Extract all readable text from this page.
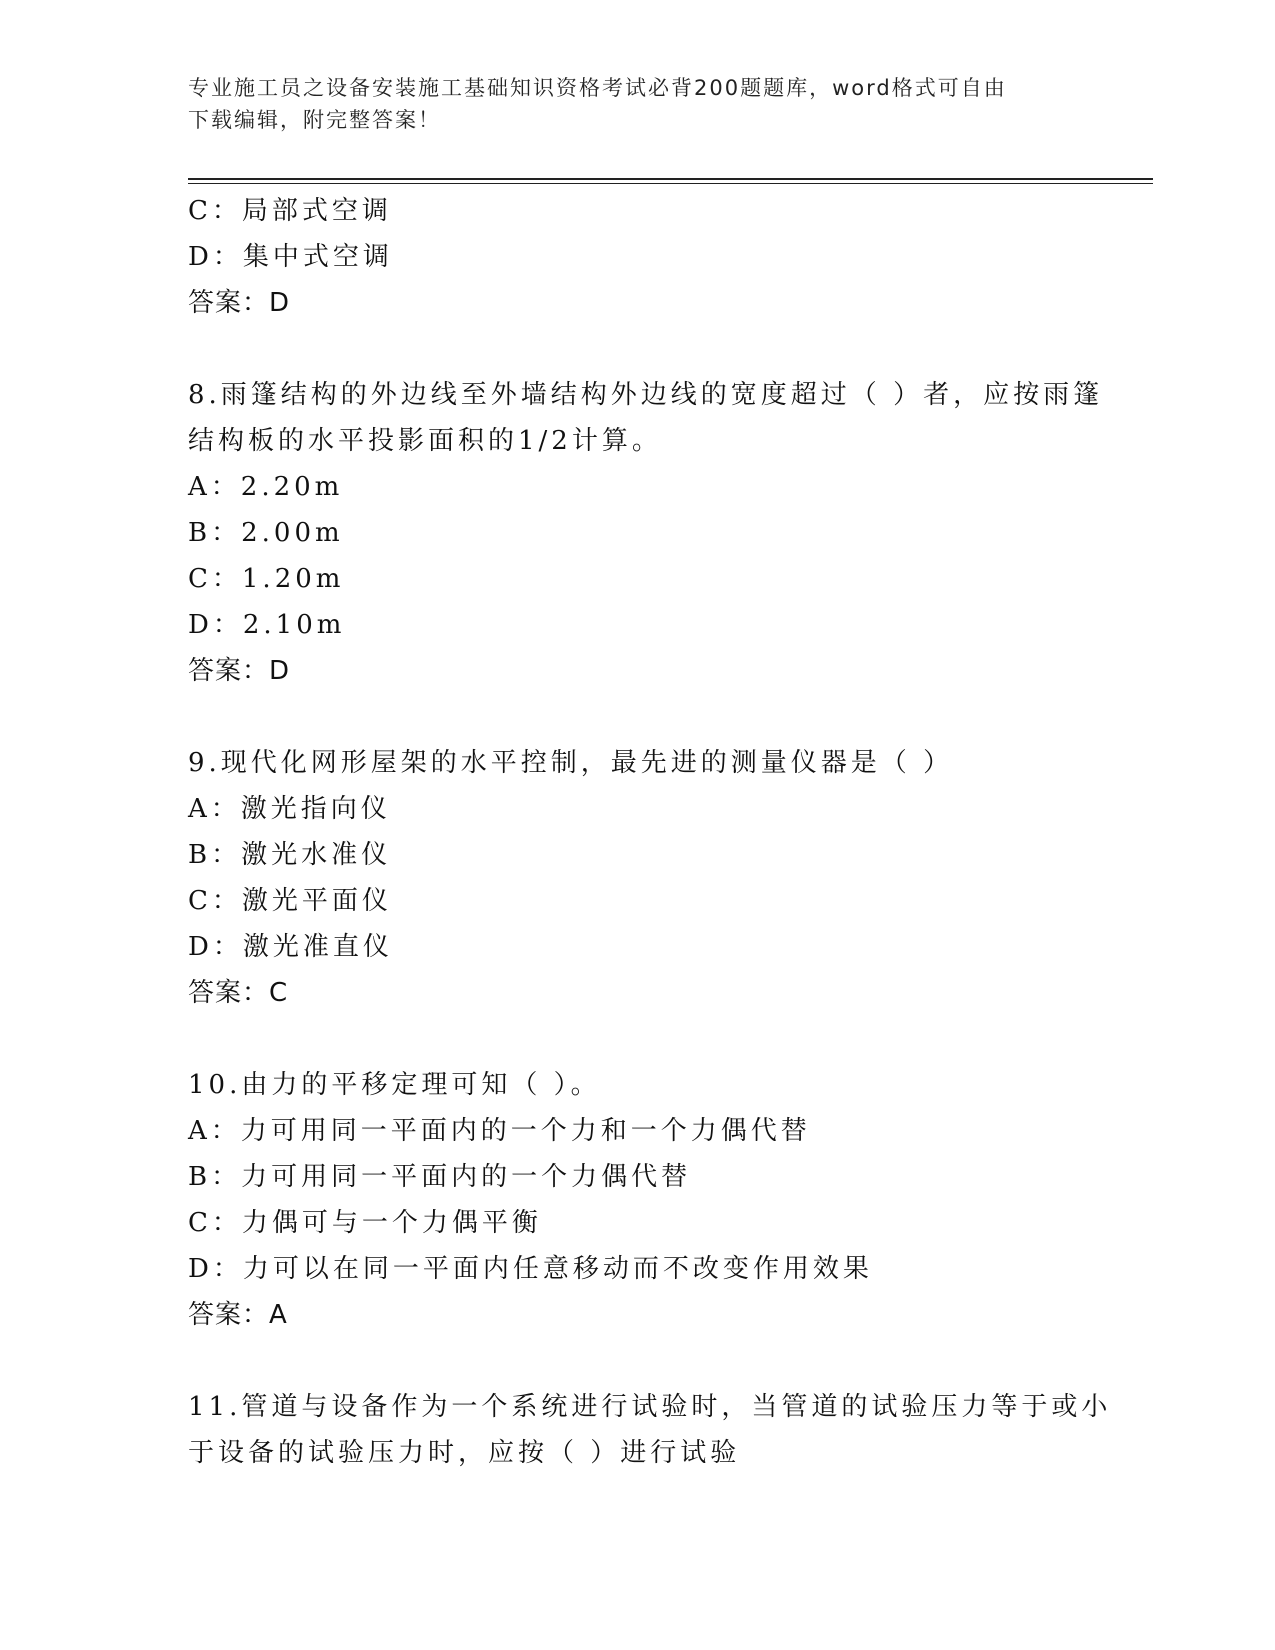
专业施工员之设备安装施工基础知识资格考试必背200题题库，word格式可自由
下载编辑，附完整答案！
C：局部式空调
D：集中式空调
答案：D
8.雨篷结构的外边线至外墙结构外边线的宽度超过（ ）者，应按雨篷
结构板的水平投影面积的1/2计算。
A：2.20m
B：2.00m
C：1.20m
D：2.10m
答案：D
9.现代化网形屋架的水平控制，最先进的测量仪器是（ ）
A：激光指向仪
B：激光水准仪
C：激光平面仪
D：激光准直仪
答案：C
10.由力的平移定理可知（ ）。
A：力可用同一平面内的一个力和一个力偶代替
B：力可用同一平面内的一个力偶代替
C：力偶可与一个力偶平衡
D：力可以在同一平面内任意移动而不改变作用效果
答案：A
11.管道与设备作为一个系统进行试验时，当管道的试验压力等于或小
于设备的试验压力时，应按（ ）进行试验
